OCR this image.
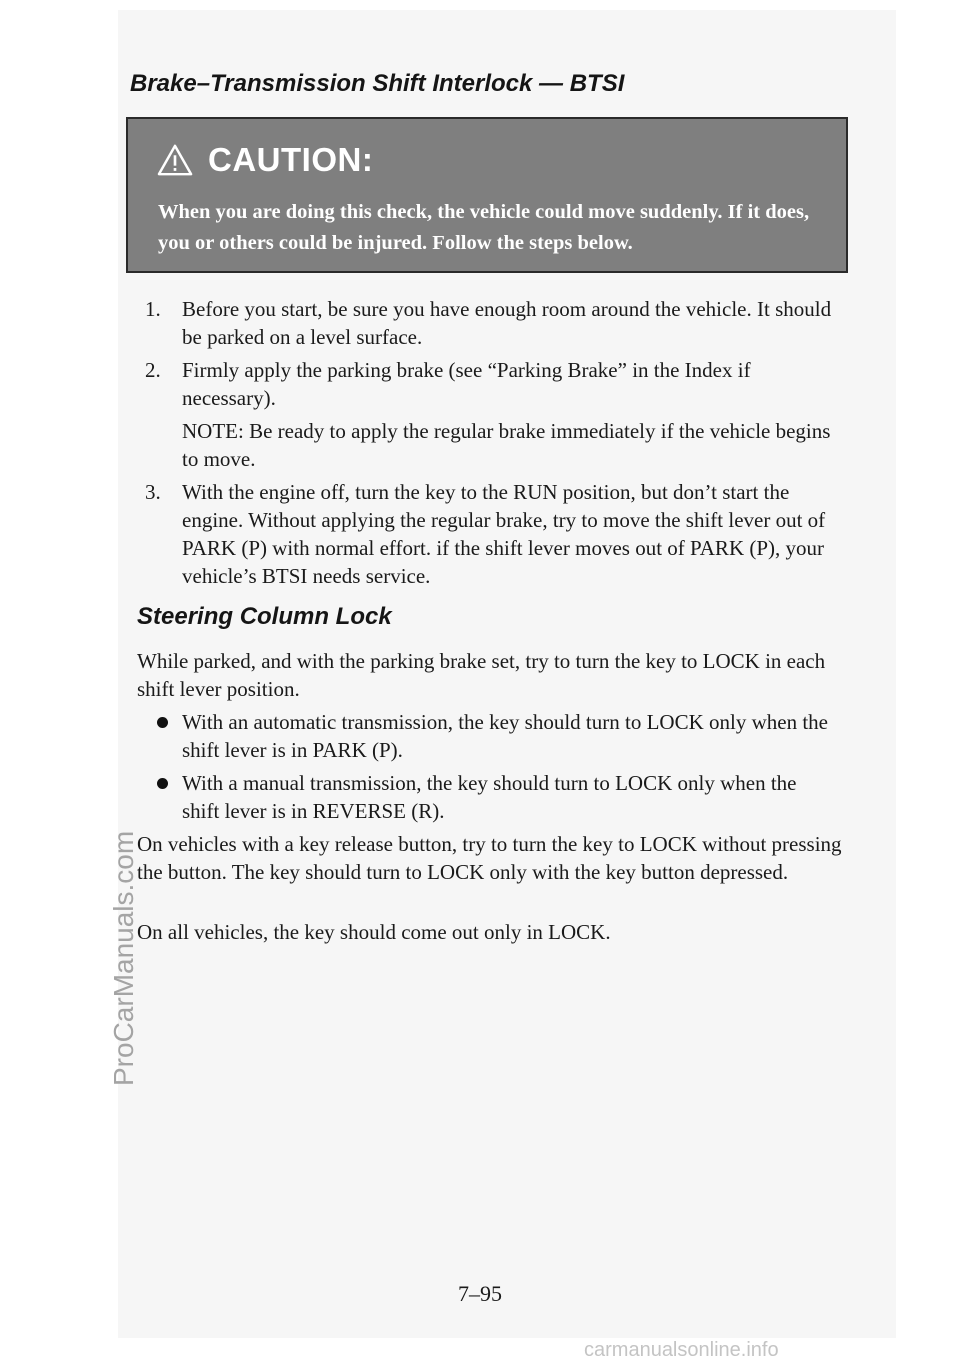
Brake–Transmission Shift Interlock — BTSI
CAUTION:
When you are doing this check, the vehicle could move suddenly. If it does, you or others could be injured. Follow the steps below.
1. Before you start, be sure you have enough room around the vehicle. It should be parked on a level surface.
2. Firmly apply the parking brake (see “Parking Brake” in the Index if necessary).
NOTE: Be ready to apply the regular brake immediately if the vehicle begins to move.
3. With the engine off, turn the key to the RUN position, but don’t start the engine. Without applying the regular brake, try to move the shift lever out of PARK (P) with normal effort. if the shift lever moves out of PARK (P), your vehicle’s BTSI needs service.
Steering Column Lock
While parked, and with the parking brake set, try to turn the key to LOCK in each shift lever position.
With an automatic transmission, the key should turn to LOCK only when the shift lever is in PARK (P).
With a manual transmission, the key should turn to LOCK only when the shift lever is in REVERSE (R).
On vehicles with a key release button, try to turn the key to LOCK without pressing the button. The key should turn to LOCK only with the key button depressed.
On all vehicles, the key should come out only in LOCK.
7–95
ProCarManuals.com
carmanualsonline.info
